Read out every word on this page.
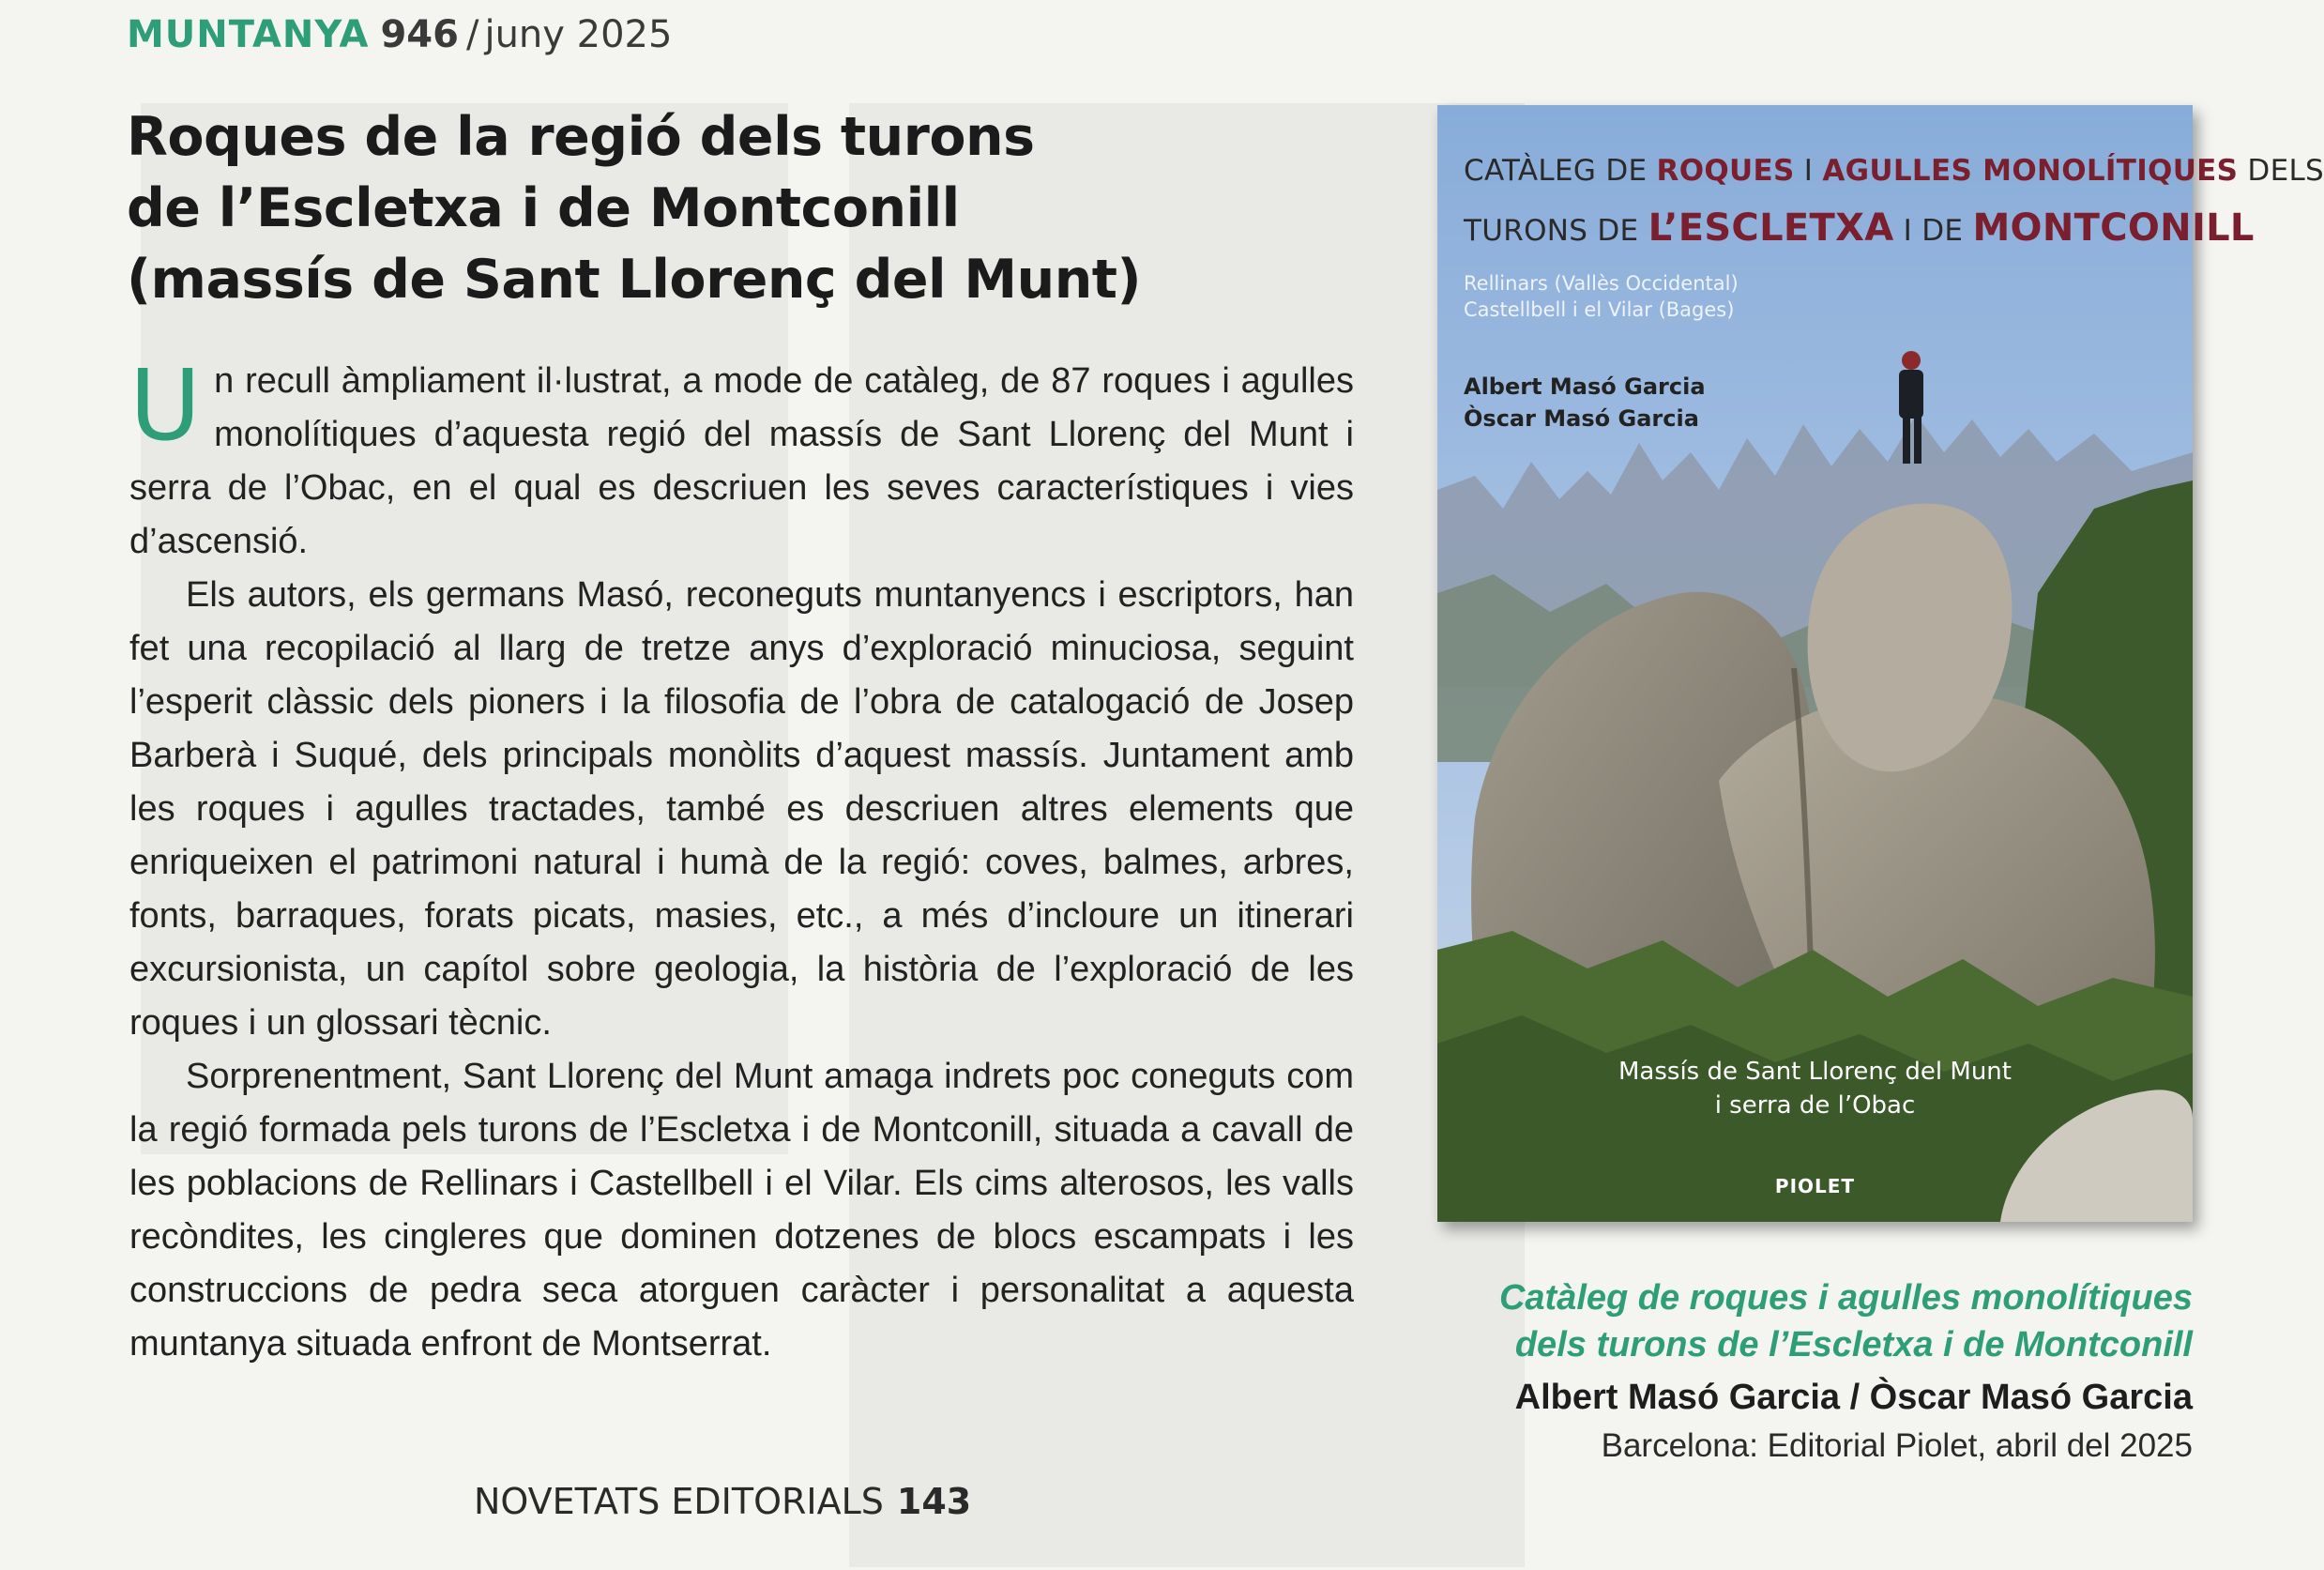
MUNTANYA 946 / juny 2025
Roques de la regió dels turons
de l’Escletxa i de Montconill
(massís de Sant Llorenç del Munt)

Un recull àmpliament il·lustrat, a mode de catàleg, de 87 roques i agulles monolítiques d’aquesta regió del massís de Sant Llorenç del Munt i serra de l’Obac, en el qual es descriuen les seves característiques i vies d’ascensió.

Els autors, els germans Masó, reconeguts muntanyencs i escriptors, han fet una recopilació al llarg de tretze anys d’exploració minuciosa, seguint l’esperit clàssic dels pioners i la filosofia de l’obra de catalogació de Josep Barberà i Suqué, dels principals monòlits d’aquest massís. Juntament amb les roques i agulles tractades, també es descriuen altres elements que enriqueixen el patrimoni natural i humà de la regió: coves, balmes, arbres, fonts, barraques, forats picats, masies, etc., a més d’incloure un itinerari excursionista, un capítol sobre geologia, la història de l’exploració de les roques i un glossari tècnic.

Sorprenentment, Sant Llorenç del Munt amaga indrets poc coneguts com la regió formada pels turons de l’Escletxa i de Montconill, situada a cavall de les poblacions de Rellinars i Castellbell i el Vilar. Els cims alterosos, les valls recòndites, les cingleres que dominen dotzenes de blocs escampats i les construccions de pedra seca atorguen caràcter i personalitat a aquesta muntanya situada enfront de Montserrat.

CATÀLEG DE ROQUES I AGULLES MONOLÍTIQUES DELS
TURONS DE L’ESCLETXA I DE MONTCONILL
Rellinars (Vallès Occidental)
Castellbell i el Vilar (Bages)
Albert Masó Garcia
Òscar Masó Garcia
Massís de Sant Llorenç del Munt
i serra de l’Obac
PIOLET
Catàleg de roques i agulles monolítiques
dels turons de l’Escletxa i de Montconill
Albert Masó Garcia / Òscar Masó Garcia
Barcelona: Editorial Piolet, abril del 2025
NOVETATS EDITORIALS 143
